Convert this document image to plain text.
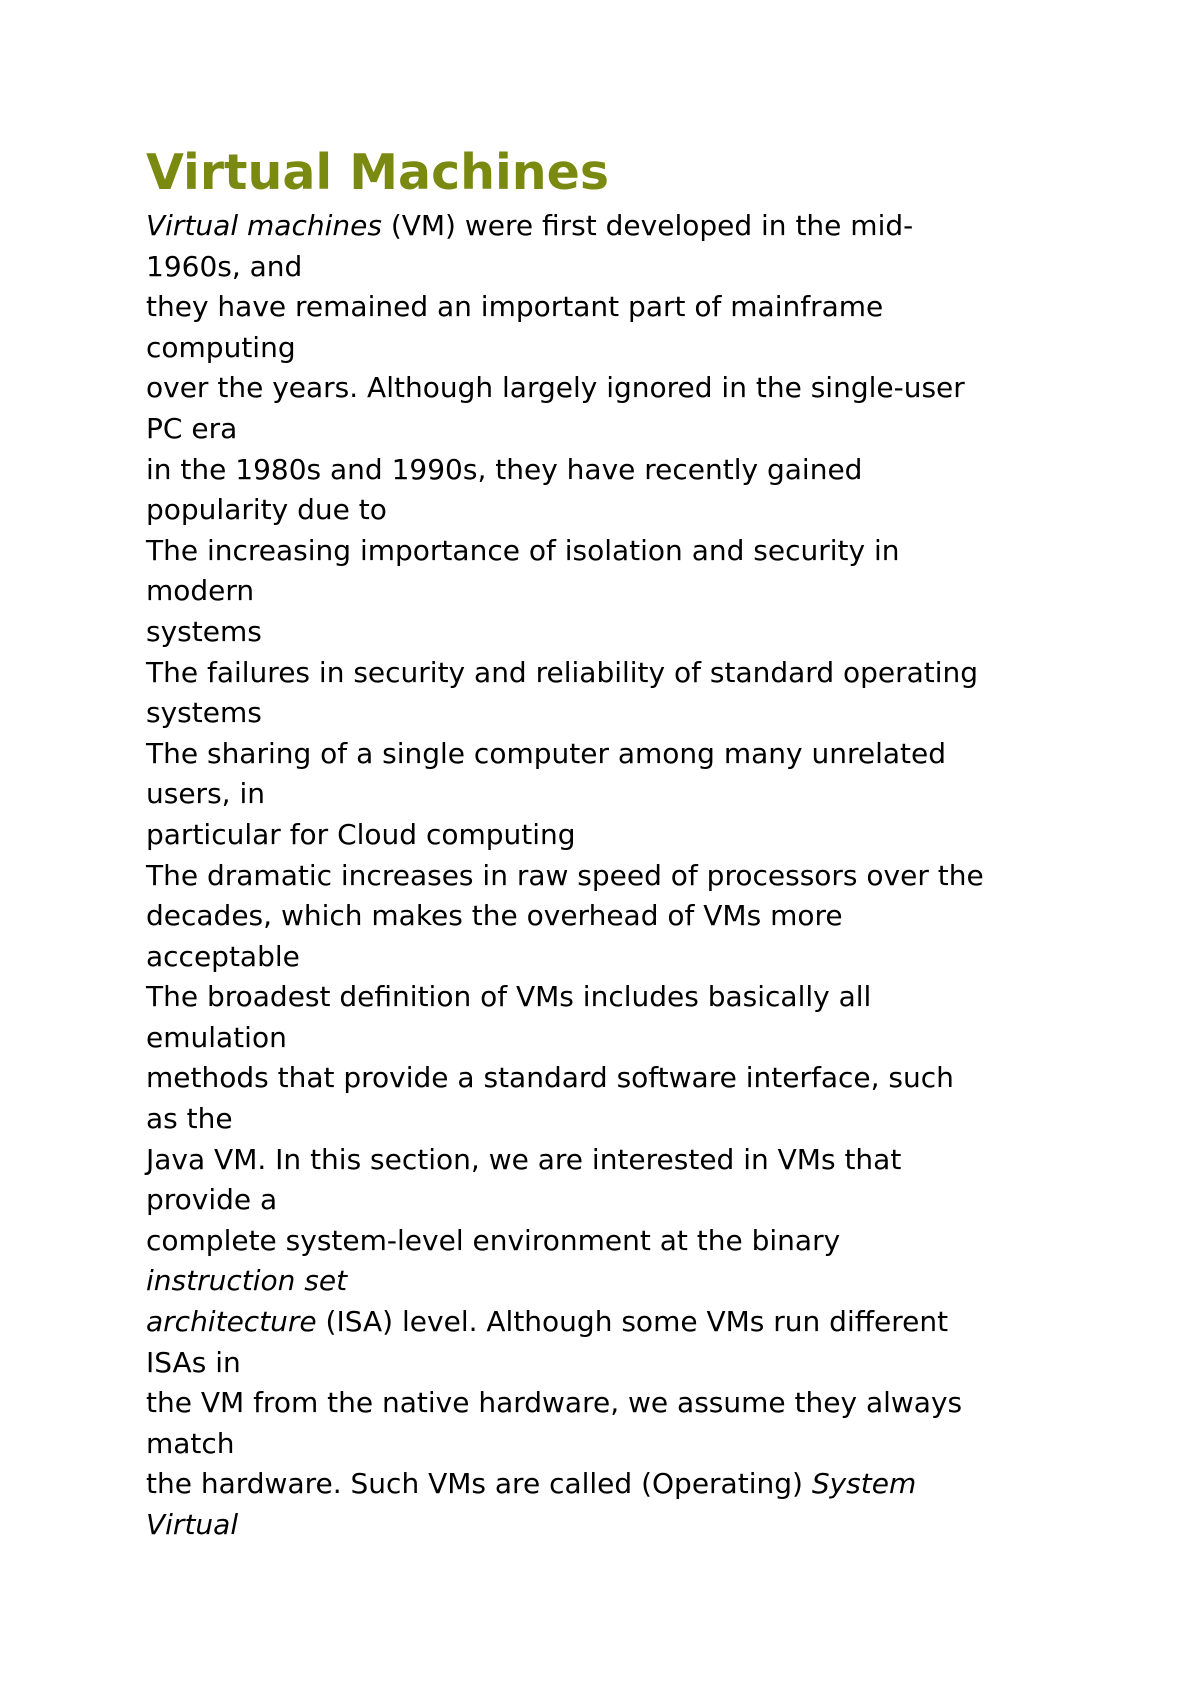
Virtual Machines
Virtual machines (VM) were first developed in the mid-
1960s, and
they have remained an important part of mainframe
computing
over the years. Although largely ignored in the single-user
PC era
in the 1980s and 1990s, they have recently gained
popularity due to
The increasing importance of isolation and security in
modern
systems
The failures in security and reliability of standard operating
systems
The sharing of a single computer among many unrelated
users, in
particular for Cloud computing
The dramatic increases in raw speed of processors over the
decades, which makes the overhead of VMs more
acceptable
The broadest definition of VMs includes basically all
emulation
methods that provide a standard software interface, such
as the
Java VM. In this section, we are interested in VMs that
provide a
complete system-level environment at the binary
instruction set
architecture (ISA) level. Although some VMs run different
ISAs in
the VM from the native hardware, we assume they always
match
the hardware. Such VMs are called (Operating) System
Virtual
